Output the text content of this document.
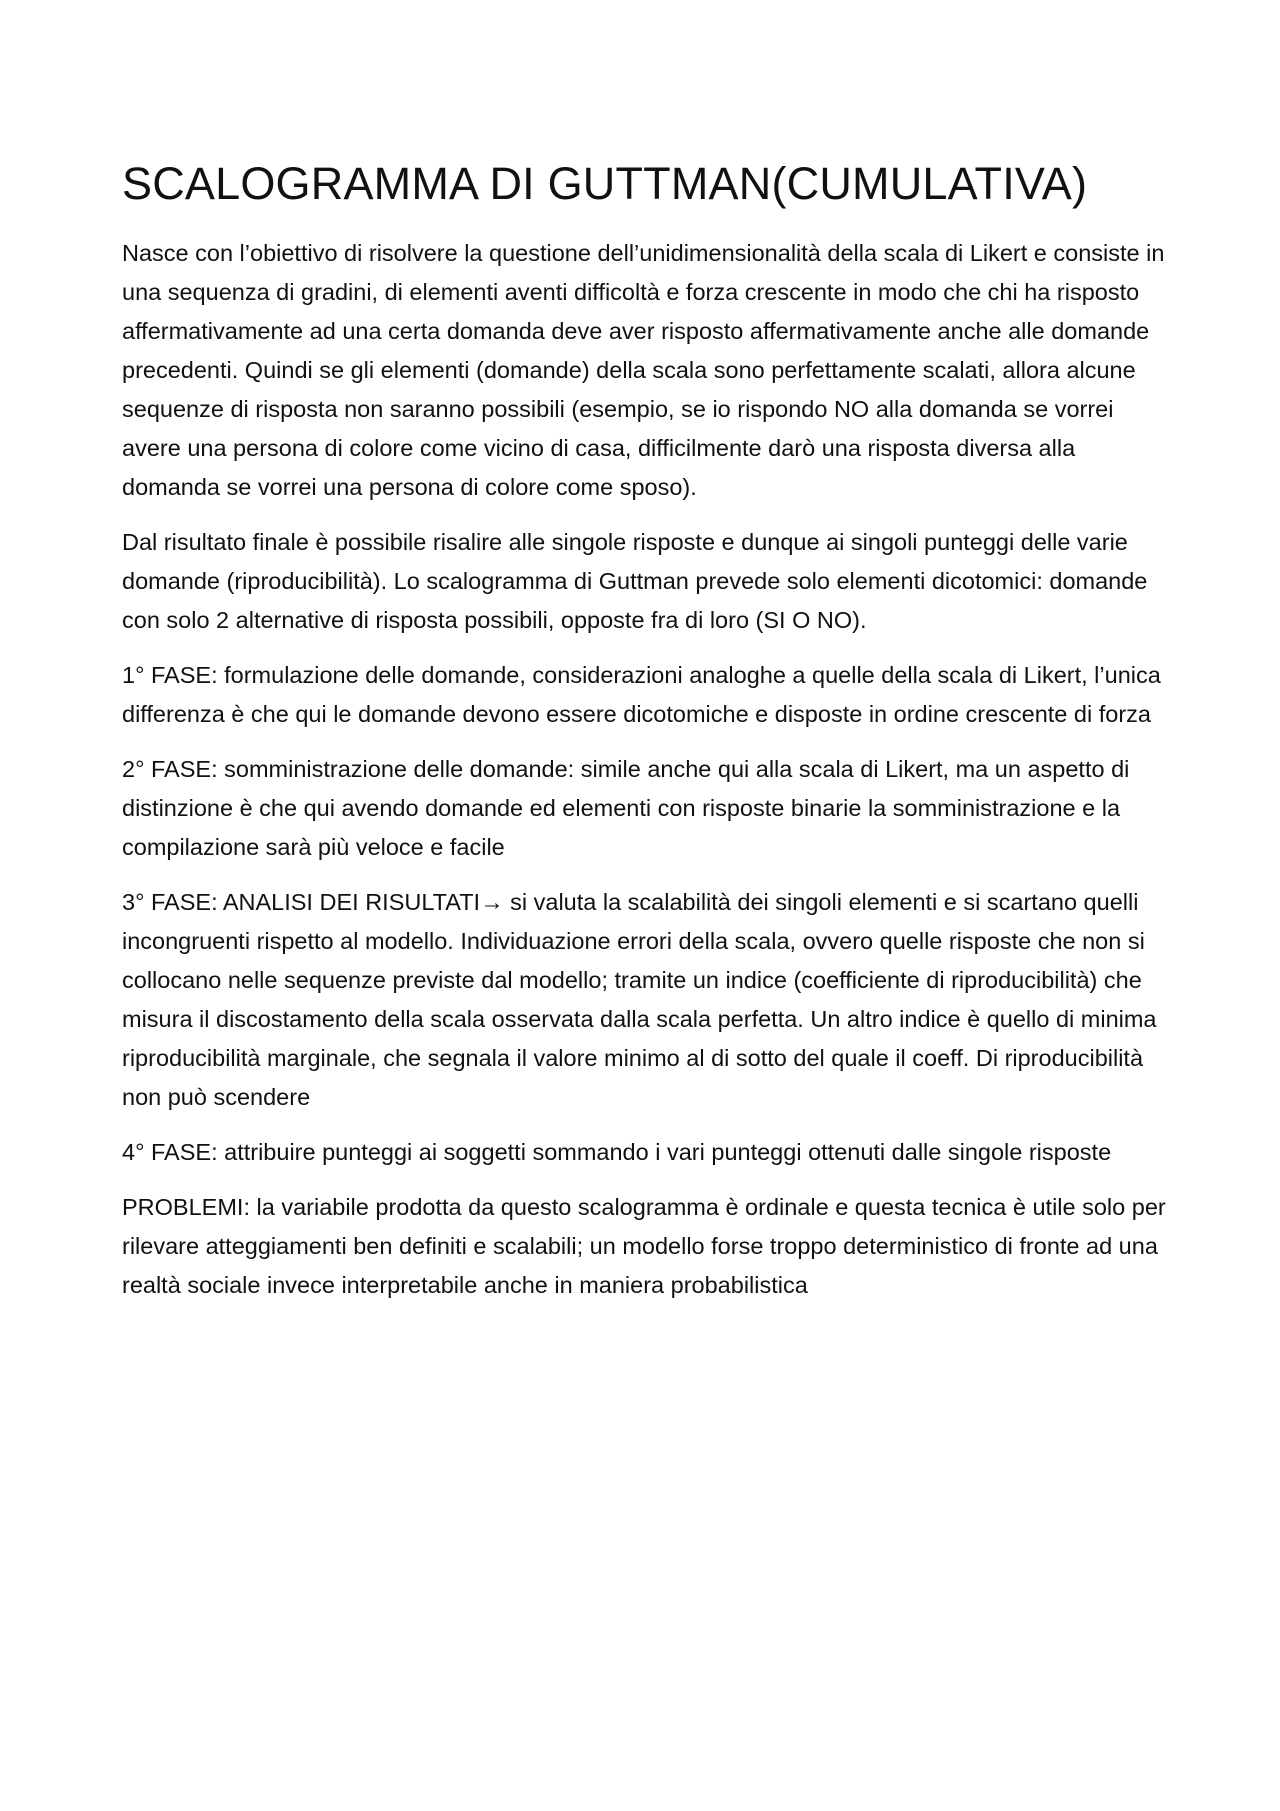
SCALOGRAMMA DI GUTTMAN(CUMULATIVA)

Nasce con l’obiettivo di risolvere la questione dell’unidimensionalità della scala di Likert e consiste in una sequenza di gradini, di elementi aventi difficoltà e forza crescente in modo che chi ha risposto affermativamente ad una certa domanda deve aver risposto affermativamente anche alle domande precedenti. Quindi se gli elementi (domande) della scala sono perfettamente scalati, allora alcune sequenze di risposta non saranno possibili (esempio, se io rispondo NO alla domanda se vorrei avere una persona di colore come vicino di casa, difficilmente darò una risposta diversa alla domanda se vorrei una persona di colore come sposo).

Dal risultato finale è possibile risalire alle singole risposte e dunque ai singoli punteggi delle varie domande (riproducibilità). Lo scalogramma di Guttman prevede solo elementi dicotomici: domande con solo 2 alternative di risposta possibili, opposte fra di loro (SI O NO).

1° FASE: formulazione delle domande, considerazioni analoghe a quelle della scala di Likert, l’unica differenza è che qui le domande devono essere dicotomiche e disposte in ordine crescente di forza

2° FASE: somministrazione delle domande: simile anche qui alla scala di Likert, ma un aspetto di distinzione è che qui avendo domande ed elementi con risposte binarie la somministrazione e la compilazione sarà più veloce e facile

3° FASE: ANALISI DEI RISULTATI→ si valuta la scalabilità dei singoli elementi e si scartano quelli incongruenti rispetto al modello. Individuazione errori della scala, ovvero quelle risposte che non si collocano nelle sequenze previste dal modello; tramite un indice (coefficiente di riproducibilità) che misura il discostamento della scala osservata dalla scala perfetta. Un altro indice è quello di minima riproducibilità marginale, che segnala il valore minimo al di sotto del quale il coeff. Di riproducibilità non può scendere

4° FASE: attribuire punteggi ai soggetti sommando i vari punteggi ottenuti dalle singole risposte

PROBLEMI: la variabile prodotta da questo scalogramma è ordinale e questa tecnica è utile solo per rilevare atteggiamenti ben definiti e scalabili; un modello forse troppo deterministico di fronte ad una realtà sociale invece interpretabile anche in maniera probabilistica
